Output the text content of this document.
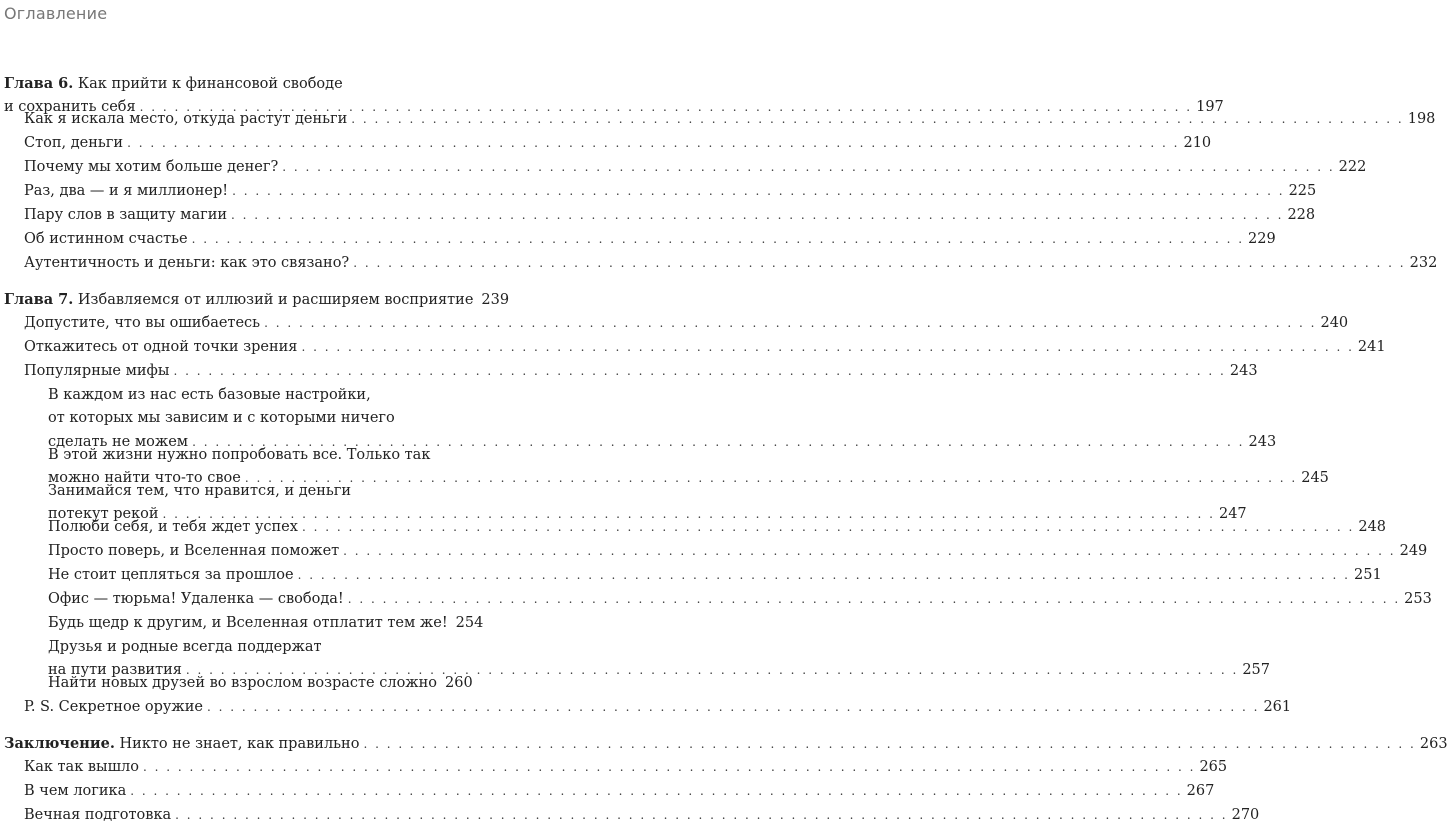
Оглавление
Глава 6. Как прийти к финансовой свободе
и сохранить себя . . .	197
Как я искала место, откуда растут деньги . . .	198
Стоп, деньги . . .	210
Почему мы хотим больше денег? . . .	222
Раз, два — и я миллионер! . . .	225
Пару слов в защиту магии . . .	228
Об истинном счастье . . .	229
Аутентичность и деньги: как это связано? . . .	232
Глава 7. Избавляемся от иллюзий и расширяем восприятие 239
Допустите, что вы ошибаетесь . . .	240
Откажитесь от одной точки зрения . . .	241
Популярные мифы . . .	243
В каждом из нас есть базовые настройки,
от которых мы зависим и с которыми ничего
сделать не можем . . .	243
В этой жизни нужно попробовать все. Только так
можно найти что-то свое . . .	245
Занимайся тем, что нравится, и деньги
потекут рекой . . .	247
Полюби себя, и тебя ждет успех . . .	248
Просто поверь, и Вселенная поможет . . .	249
Не стоит цепляться за прошлое . . .	251
Офис — тюрьма! Удаленка — свобода! . . .	253
Будь щедр к другим, и Вселенная отплатит тем же! 254
Друзья и родные всегда поддержат
на пути развития . . .	257
Найти новых друзей во взрослом возрасте сложно 260
P. S. Секретное оружие . . .	261
Заключение. Никто не знает, как правильно . . .	263
Как так вышло . . .	265
В чем логика . . .	267
Вечная подготовка . . .	270
